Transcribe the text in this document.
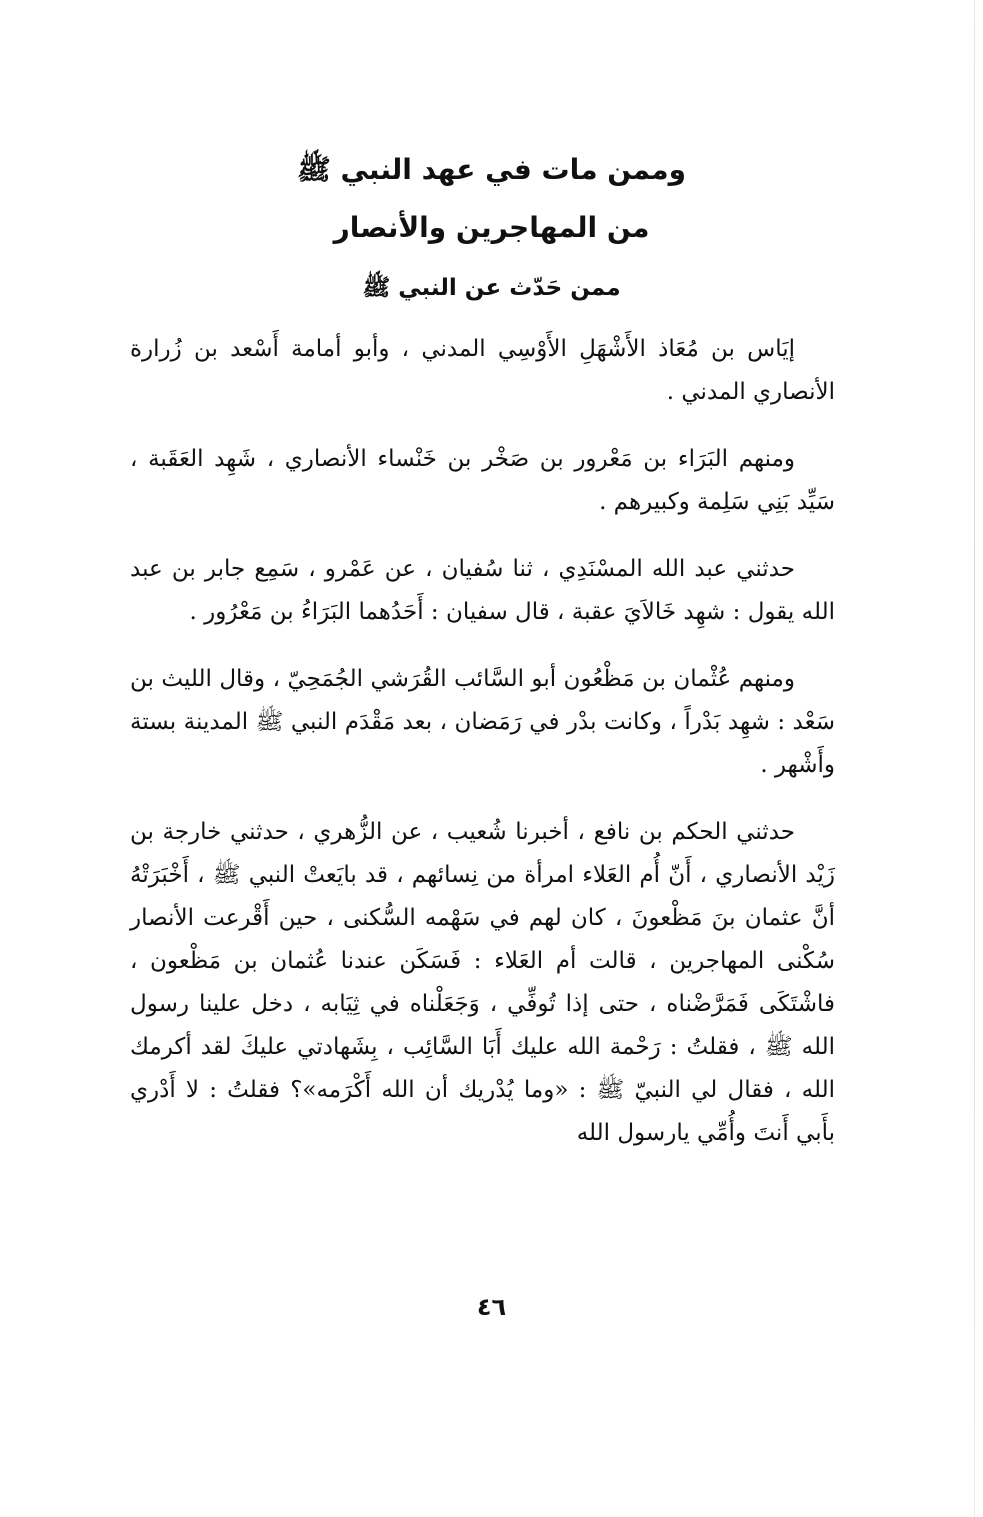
وممن مات في عهد النبي ﷺ
من المهاجرين والأنصار
ممن حَدّث عن النبي ﷺ

إيَاس بن مُعَاذ الأَشْهَلِ الأَوْسِي المدني ، وأبو أمامة أَسْعد بن زُرارة الأنصاري المدني .

ومنهم البَرَاء بن مَعْرور بن صَخْر بن خَنْساء الأنصاري ، شَهِد العَقَبة ، سَيِّد بَنِي سَلِمة وكبيرهم .

حدثني عبد الله المسْنَدِي ، ثنا سُفيان ، عن عَمْرو ، سَمِع جابر بن عبد الله يقول : شهِد خَالاَيَ عقبة ، قال سفيان : أَحَدُهما البَرَاءُ بن مَعْرُور .

ومنهم عُثْمان بن مَظْعُون أبو السَّائب القُرَشي الجُمَحِيّ ، وقال الليث بن سَعْد : شهِد بَدْراً ، وكانت بدْر في رَمَضان ، بعد مَقْدَم النبي ﷺ المدينة بستة وأَشْهر .

حدثني الحكم بن نافع ، أخبرنا شُعيب ، عن الزُّهري ، حدثني خارجة بن زَيْد الأنصاري ، أَنّ أُم العَلاء امرأة من نِسائهم ، قد بايَعتْ النبي ﷺ ، أَخْبَرَتْهُ أنَّ عثمان بنَ مَظْعونَ ، كان لهم في سَهْمه السُّكنى ، حين أَقْرعت الأنصار سُكْنى المهاجرين ، قالت أم العَلاء : فَسَكَن عندنا عُثمان بن مَظْعون ، فاشْتَكَى فَمَرَّضْناه ، حتى إذا تُوفِّي ، وَجَعَلْناه في ثِيَابه ، دخل علينا رسول الله ﷺ ، فقلتُ : رَحْمة الله عليك أَبَا السَّائِب ، بِشَهادتي عليكَ لقد أكرمك الله ، فقال لي النبيّ ﷺ : «وما يُدْريك أن الله أَكْرَمه»؟ فقلتُ : لا أَدْري بأَبي أَنتَ وأُمِّي يارسول الله

٤٦
